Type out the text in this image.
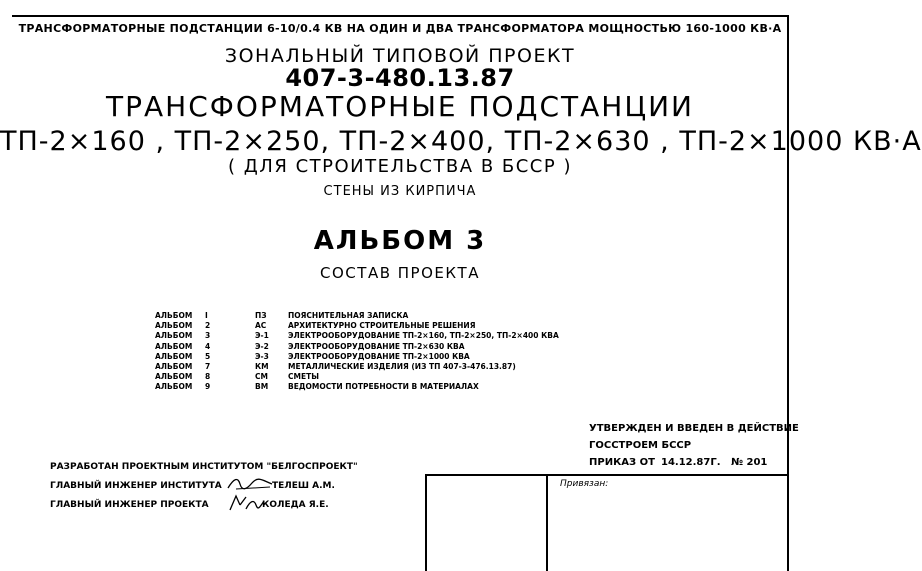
ТРАНСФОРМАТОРНЫЕ ПОДСТАНЦИИ 6-10/0.4 КВ НА ОДИН И ДВА ТРАНСФОРМАТОРА МОЩНОСТЬЮ 160-1000 КВ·А
ЗОНАЛЬНЫЙ ТИПОВОЙ ПРОЕКТ
407-3-480.13.87
ТРАНСФОРМАТОРНЫЕ ПОДСТАНЦИИ
ТП-2×160 , ТП-2×250, ТП-2×400, ТП-2×630 , ТП-2×1000 КВ·А
( ДЛЯ СТРОИТЕЛЬСТВА В БССР )
СТЕНЫ ИЗ КИРПИЧА
АЛЬБОМ 3
СОСТАВ ПРОЕКТА
АЛЬБОМ I	ПЗ	ПОЯСНИТЕЛЬНАЯ ЗАПИСКА
АЛЬБОМ 2	АС	АРХИТЕКТУРНО СТРОИТЕЛЬНЫЕ РЕШЕНИЯ
АЛЬБОМ 3	Э-1	ЭЛЕКТРООБОРУДОВАНИЕ ТП-2×160, ТП-2×250, ТП-2×400 КВА
АЛЬБОМ 4	Э-2	ЭЛЕКТРООБОРУДОВАНИЕ ТП-2×630 КВА
АЛЬБОМ 5	Э-3	ЭЛЕКТРООБОРУДОВАНИЕ ТП-2×1000 КВА
АЛЬБОМ 7	КМ	МЕТАЛЛИЧЕСКИЕ ИЗДЕЛИЯ (ИЗ ТП 407-3-476.13.87)
АЛЬБОМ 8	СМ	СМЕТЫ
АЛЬБОМ 9	ВМ	ВЕДОМОСТИ ПОТРЕБНОСТИ В МАТЕРИАЛАХ
УТВЕРЖДЕН И ВВЕДЕН В ДЕЙСТВИЕ
ГОССТРОЕМ БССР
ПРИКАЗ ОТ 14.12.87Г. № 201
Привязан:
РАЗРАБОТАН ПРОЕКТНЫМ ИНСТИТУТОМ "БЕЛГОСПРОЕКТ"
ГЛАВНЫЙ ИНЖЕНЕР ИНСТИТУТА	ТЕЛЕШ А.М.
ГЛАВНЫЙ ИНЖЕНЕР ПРОЕКТА	КОЛЕДА Я.Е.
